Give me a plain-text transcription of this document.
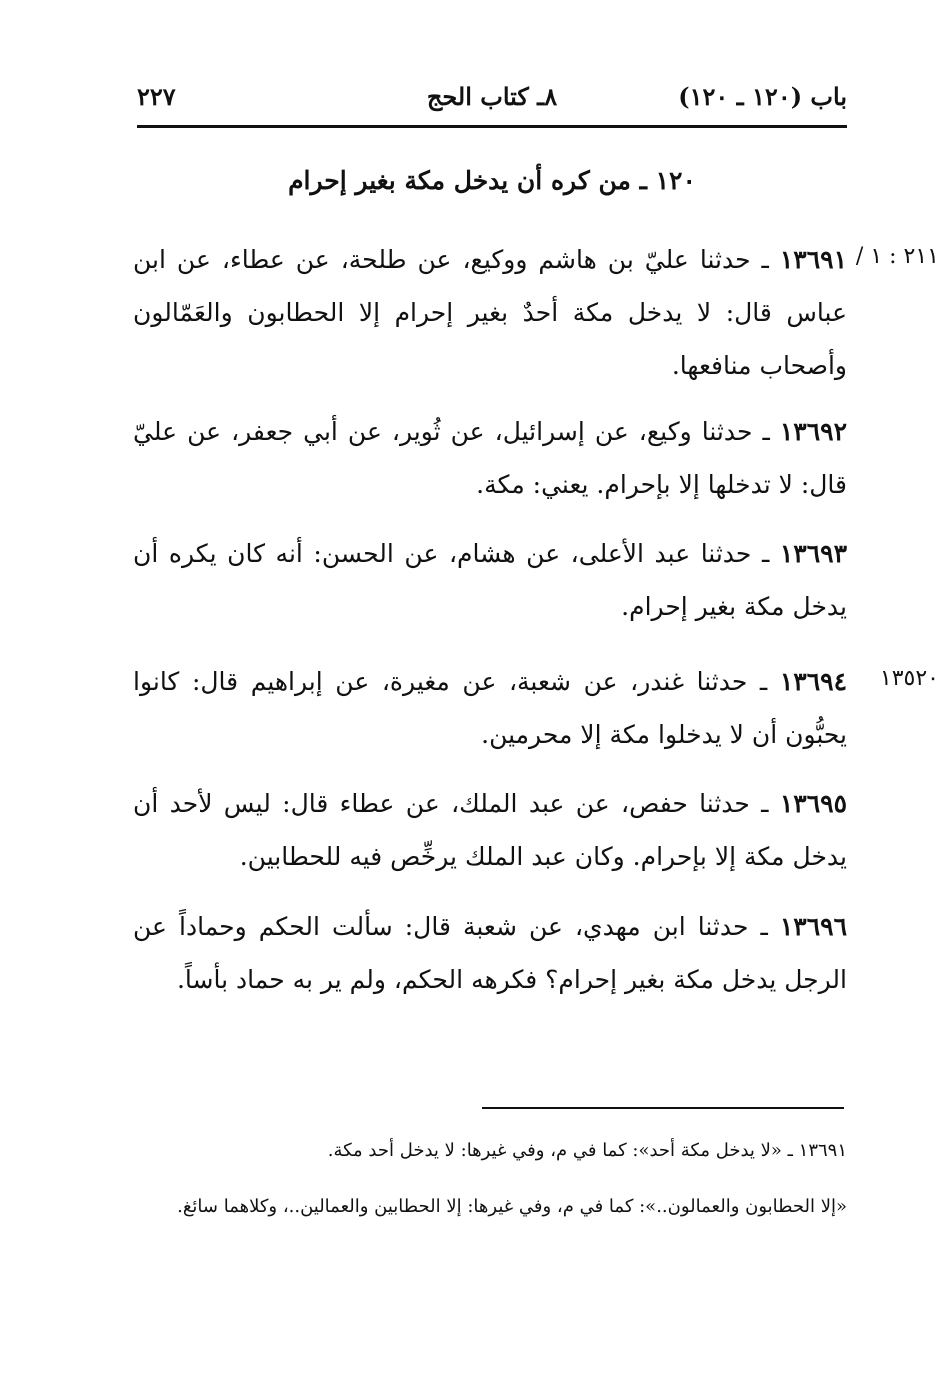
باب (١٢٠ ـ ١٢٠)
٨ـ كتاب الحج
٢٢٧
١٢٠ ـ من كره أن يدخل مكة بغير إحرام
٢١١ : ١ /
١٣٥٢٠
١٣٦٩١ ـ حدثنا عليّ بن هاشم ووكيع، عن طلحة، عن عطاء، عن ابن عباس قال: لا يدخل مكة أحدٌ بغير إحرام إلا الحطابون والعَمّالون وأصحاب منافعها.
١٣٦٩٢ ـ حدثنا وكيع، عن إسرائيل، عن ثُوير، عن أبي جعفر، عن عليّ قال: لا تدخلها إلا بإحرام. يعني: مكة.
١٣٦٩٣ ـ حدثنا عبد الأعلى، عن هشام، عن الحسن: أنه كان يكره أن يدخل مكة بغير إحرام.
١٣٦٩٤ ـ حدثنا غندر، عن شعبة، عن مغيرة، عن إبراهيم قال: كانوا يحبُّون أن لا يدخلوا مكة إلا محرمين.
١٣٦٩٥ ـ حدثنا حفص، عن عبد الملك، عن عطاء قال: ليس لأحد أن يدخل مكة إلا بإحرام. وكان عبد الملك يرخِّص فيه للحطابين.
١٣٦٩٦ ـ حدثنا ابن مهدي، عن شعبة قال: سألت الحكم وحماداً عن الرجل يدخل مكة بغير إحرام؟ فكرهه الحكم، ولم ير به حماد بأساً.
١٣٦٩١ ـ «لا يدخل مكة أحد»: كما في م، وفي غيرها: لا يدخل أحد مكة.
«إلا الحطابون والعمالون..»: كما في م، وفي غيرها: إلا الحطابين والعمالين..، وكلاهما سائغ.
